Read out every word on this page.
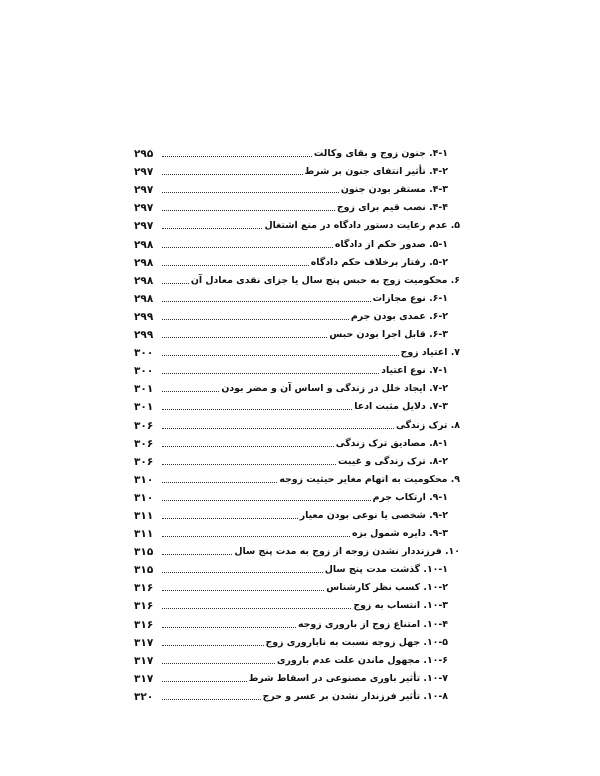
۴-۱. جنون زوج و بقای وکالت
۲۹۵
۴-۲. تأثیر انتفای جنون بر شرط
۲۹۷
۴-۳. مستقر بودن جنون
۲۹۷
۴-۴. نصب قیم برای زوج
۲۹۷
۵. عدم رعایت دستور دادگاه در منع اشتغال
۲۹۷
۵-۱. صدور حکم از دادگاه
۲۹۸
۵-۲. رفتار برخلاف حکم دادگاه
۲۹۸
۶. محکومیت زوج به حبس پنج سال یا جزای نقدی معادل آن
۲۹۸
۶-۱. نوع مجازات
۲۹۸
۶-۲. عمدی بودن جرم
۲۹۹
۶-۳. قابل اجرا بودن حبس
۲۹۹
۷. اعتیاد زوج
۳۰۰
۷-۱. نوع اعتیاد
۳۰۰
۷-۲. ایجاد خلل در زندگی و اساس آن و مضر بودن
۳۰۱
۷-۳. دلایل مثبت ادعا
۳۰۱
۸. ترک زندگی
۳۰۶
۸-۱. مصادیق ترک زندگی
۳۰۶
۸-۲. ترک زندگی و غیبت
۳۰۶
۹. محکومیت به اتهام مغایر حیثیت زوجه
۳۱۰
۹-۱. ارتکاب جرم
۳۱۰
۹-۲. شخصی یا نوعی بودن معیار
۳۱۱
۹-۳. دایره شمول بزه
۳۱۱
۱۰. فرزنددار نشدن زوجه از زوج به مدت پنج سال
۳۱۵
۱۰-۱. گذشت مدت پنج سال
۳۱۵
۱۰-۲. کسب نظر کارشناس
۳۱۶
۱۰-۳. انتساب به زوج
۳۱۶
۱۰-۴. امتناع زوج از باروری زوجه
۳۱۶
۱۰-۵. جهل زوجه نسبت به ناباروری زوج
۳۱۷
۱۰-۶. مجهول ماندن علت عدم باروری
۳۱۷
۱۰-۷. تأثیر باوری مصنوعی در اسقاط شرط
۳۱۷
۱۰-۸. تأثیر فرزندار نشدن بر عسر و حرج
۳۲۰
